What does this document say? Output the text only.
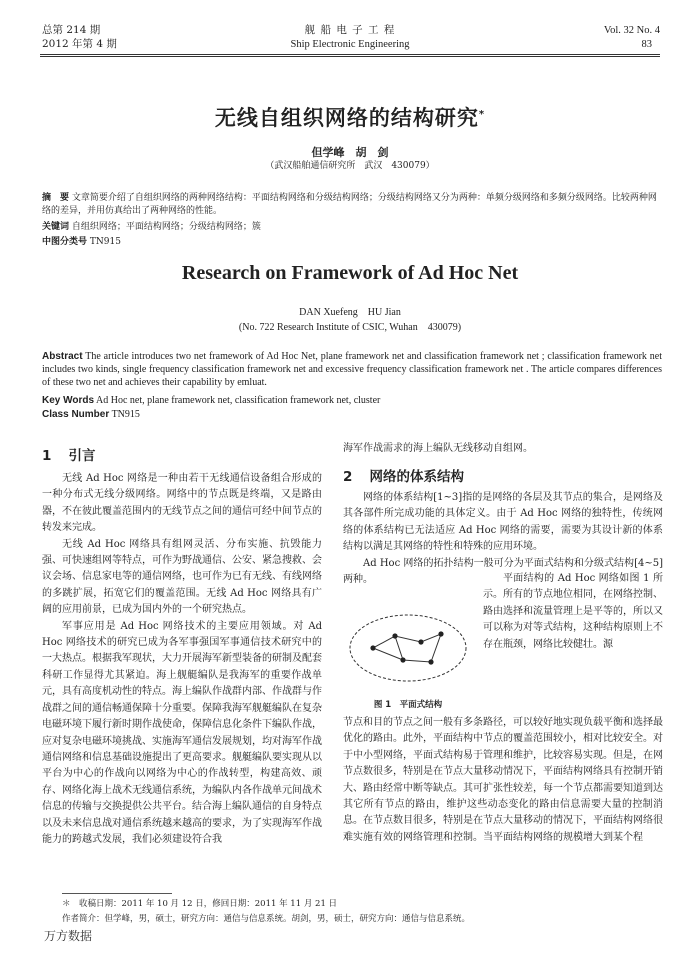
总第 214 期
2012 年第 4 期
舰 船 电 子 工 程
Ship Electronic Engineering
Vol. 32 No. 4
83
无线自组织网络的结构研究*
但学峰　胡　剑
（武汉船舶通信研究所　武汉　430079）
摘　要 文章简要介绍了自组织网络的两种网络结构：平面结构网络和分级结构网络；分级结构网络又分为两种：单频分级网络和多频分级网络。比较两种网络的差异，并用仿真给出了两种网络的性能。
关键词 自组织网络；平面结构网络；分级结构网络；簇
中图分类号 TN915
Research on Framework of Ad Hoc Net
DAN Xuefeng　HU Jian
(No. 722 Research Institute of CSIC, Wuhan　430079)
Abstract The article introduces two net framework of Ad Hoc Net, plane framework net and classification framework net ; classification framework net includes two kinds, single frequency classification framework net and excessive frequency classification framework net . The article compares differences of these two net and achieves their capability by emluat.
Key Words Ad Hoc net, plane framework net, classification framework net, cluster
Class Number TN915
1 引言

无线 Ad Hoc 网络是一种由若干无线通信设备组合形成的一种分布式无线分级网络。网络中的节点既是终端，又是路由器，不在彼此覆盖范围内的无线节点之间的通信可经中间节点的转发来完成。

无线 Ad Hoc 网络具有组网灵活、分布实施、抗毁能力强、可快速组网等特点，可作为野战通信、公安、紧急搜救、会议会场、信息家电等的通信网络，也可作为已有无线、有线网络的多跳扩展，拓宽它们的覆盖范围。无线 Ad Hoc 网络具有广阔的应用前景，已成为国内外的一个研究热点。

军事应用是 Ad Hoc 网络技术的主要应用领域。对 Ad Hoc 网络技术的研究已成为各军事强国军事通信技术研究中的一大热点。根据我军现状，大力开展海军新型装备的研制及配套科研工作显得尤其紧迫。海上舰艇编队是我海军的重要作战单元，具有高度机动性的特点。海上编队作战群内部、作战群与作战群之间的通信畅通保障十分重要。保障我海军舰艇编队在复杂电磁环境下履行新时期作战使命，保障信息化条件下编队作战，应对复杂电磁环境挑战、实施海军通信发展规划，均对海军作战通信网络和信息基础设施提出了更高要求。舰艇编队要实现从以平台为中心的作战向以网络为中心的作战转型，构建高效、顽存、网络化海上战术无线通信系统，为编队内各作战单元间战术信息的传输与交换提供公共平台。结合海上编队通信的自身特点以及未来信息战对通信系统越来越高的要求，为了实现海军作战能力的跨越式发展，我们必须建设符合我

海军作战需求的海上编队无线移动自组网。

2 网络的体系结构

网络的体系结构[1~3]指的是网络的各层及其节点的集合，是网络及其各部件所完成功能的具体定义。由于 Ad Hoc 网络的独特性，传统网络的体系结构已无法适应 Ad Hoc 网络的需要，需要为其设计新的体系结构以满足其网络的特性和特殊的应用环境。

Ad Hoc 网络的拓扑结构一般可分为平面式结构和分级式结构[4~5]两种。

图 1　平面式结构

平面结构的 Ad Hoc 网络如图 1 所示。所有的节点地位相同，在网络控制、路由选择和流量管理上是平等的，所以又可以称为对等式结构，这种结构原则上不存在瓶颈，网络比较健壮。源

节点和目的节点之间一般有多条路径，可以较好地实现负载平衡和选择最优化的路由。此外，平面结构中节点的覆盖范围较小，相对比较安全。对于中小型网络，平面式结构易于管理和维护，比较容易实现。但是，在网节点数很多，特别是在节点大量移动情况下，平面结构网络具有控制开销大、路由经常中断等缺点。其可扩张性较差，每一个节点都需要知道到达其它所有节点的路由，维护这些动态变化的路由信息需要大量的控制消息。在节点数目很多，特别是在节点大量移动的情况下，平面结构网络很难实施有效的网络管理和控制。当平面结构网络的规模增大到某个程

＊　收稿日期：2011 年 10 月 12 日，修回日期：2011 年 11 月 21 日
作者简介：但学峰，男，硕士，研究方向：通信与信息系统。胡剑，男，硕士，研究方向：通信与信息系统。
万方数据
